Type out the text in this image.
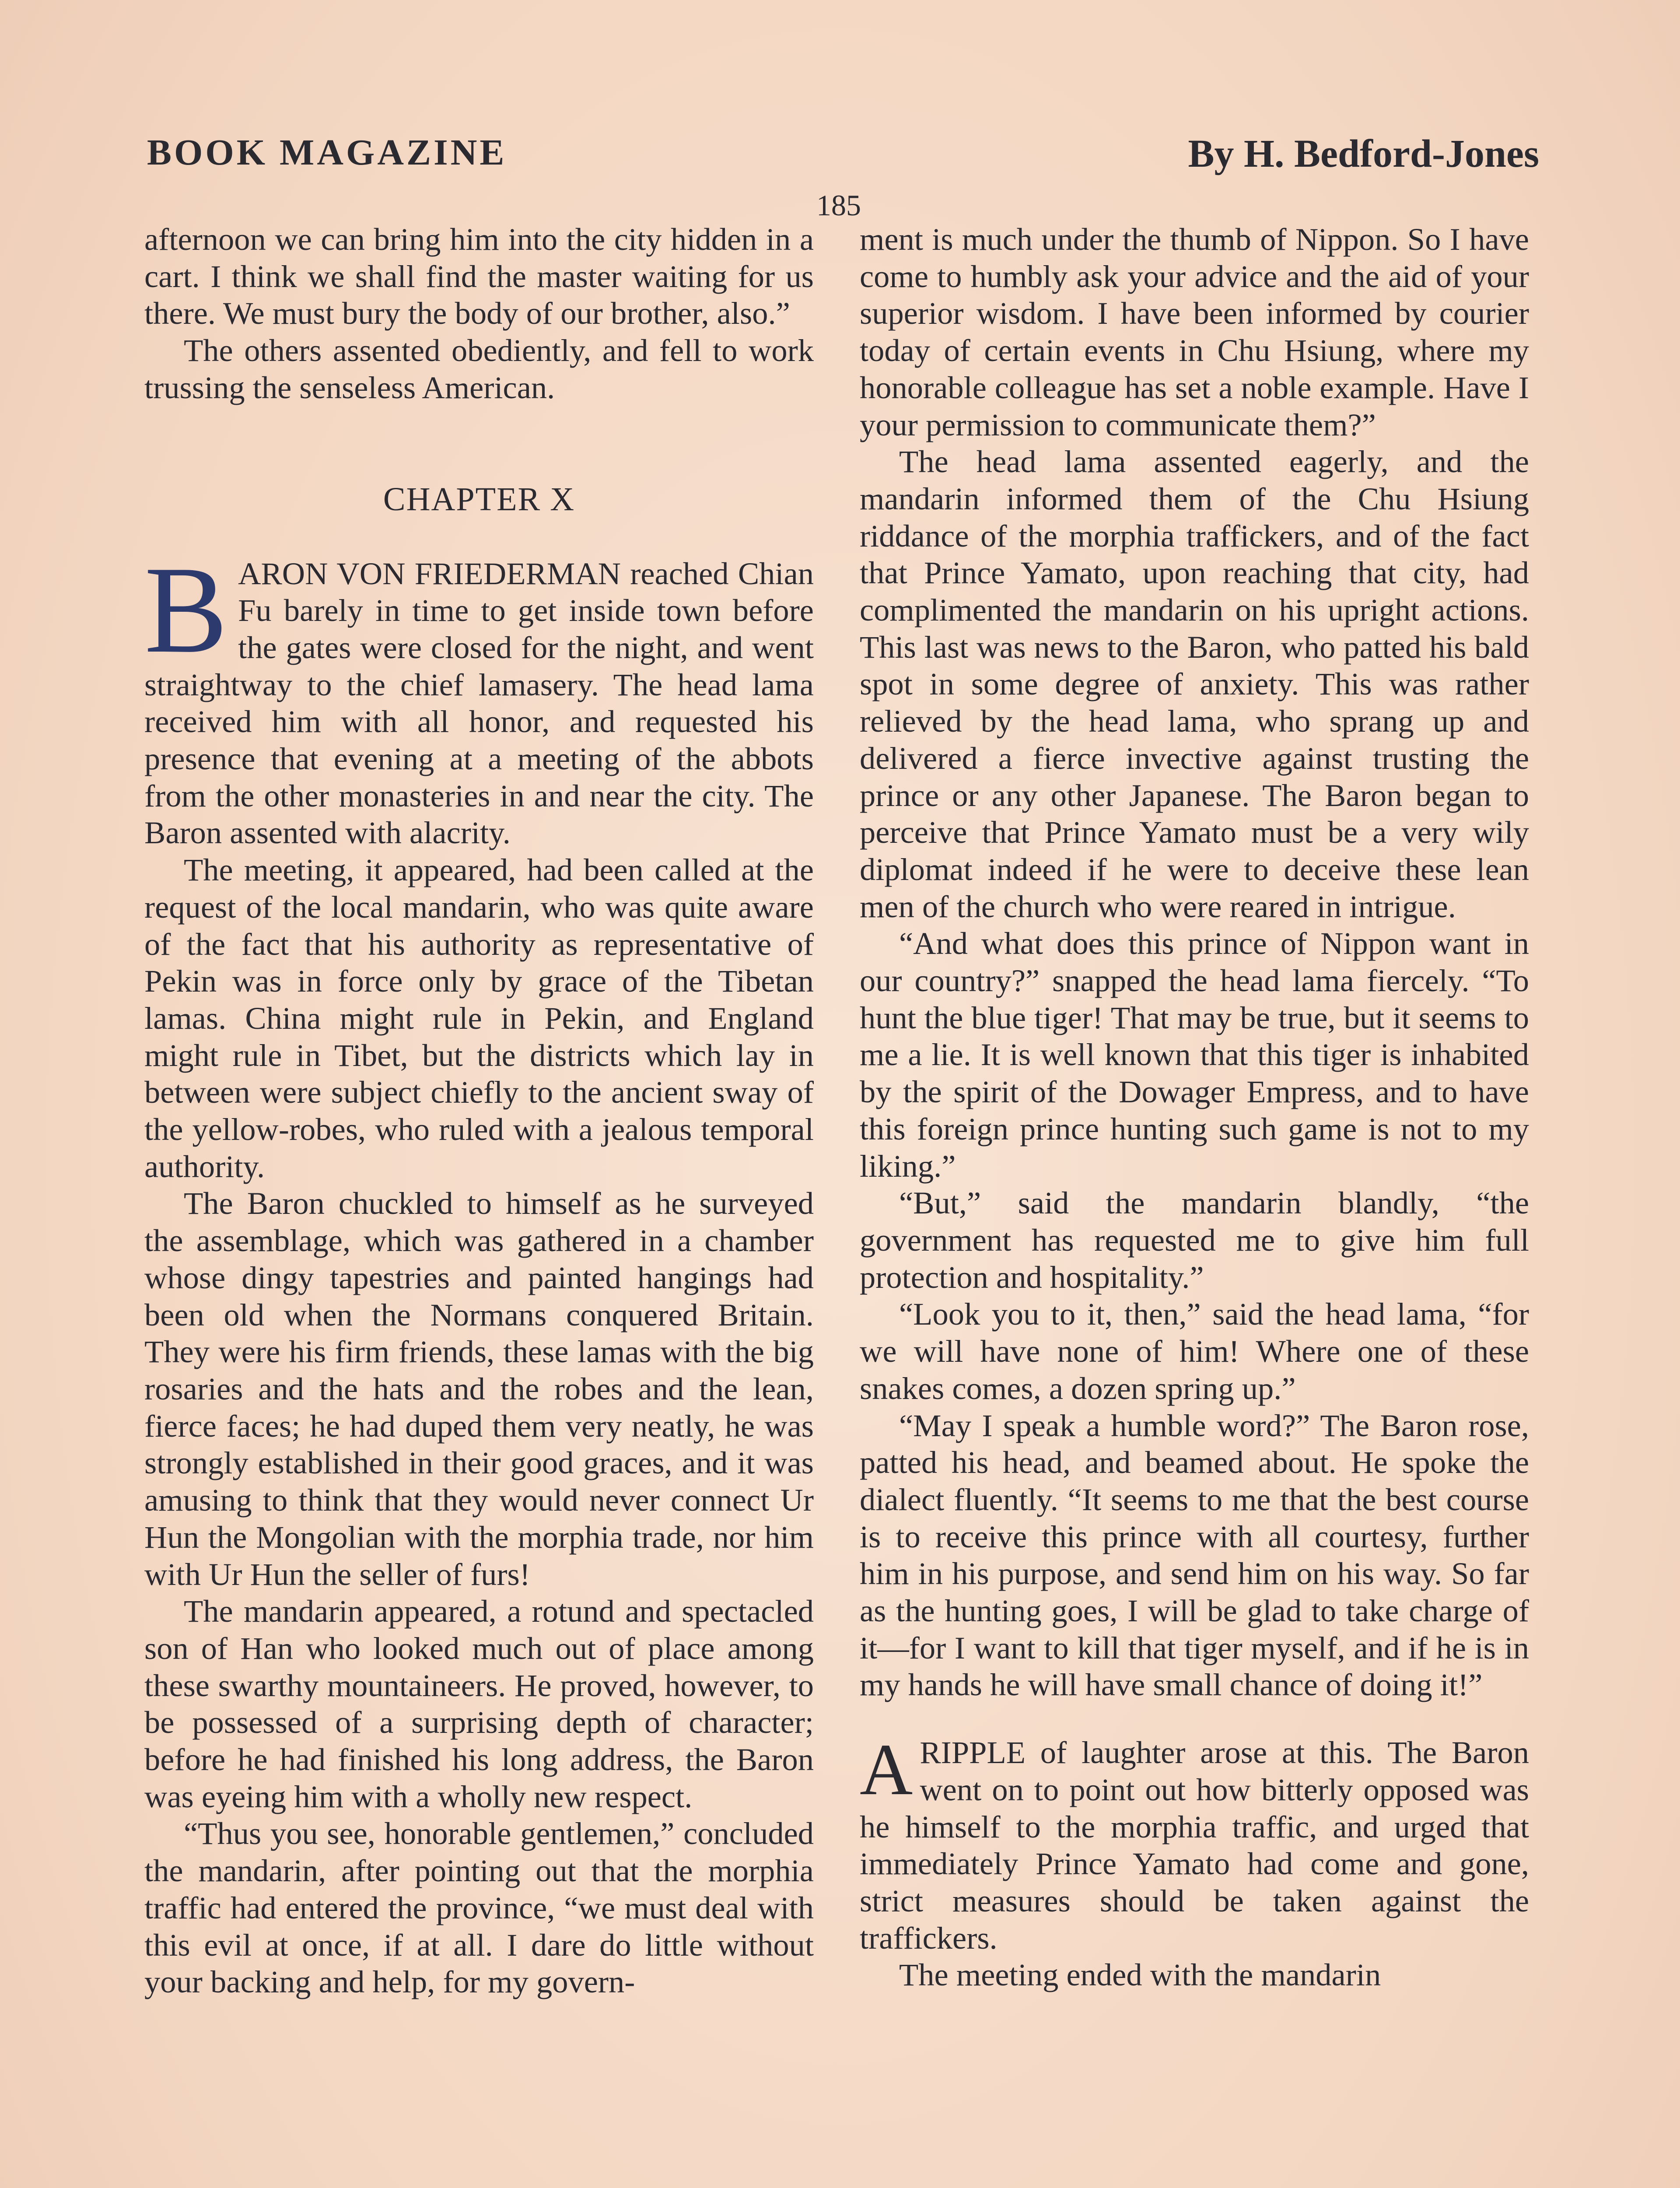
BOOK MAGAZINE	By H. Bedford-Jones
185

afternoon we can bring him into the city hidden in a cart. I think we shall find the master waiting for us there. We must bury the body of our brother, also.”

The others assented obediently, and fell to work trussing the senseless American.

CHAPTER X

BARON VON FRIEDERMAN reached Chian Fu barely in time to get inside town before the gates were closed for the night, and went straightway to the chief lamasery. The head lama received him with all honor, and requested his presence that evening at a meeting of the abbots from the other monasteries in and near the city. The Baron assented with alacrity.

The meeting, it appeared, had been called at the request of the local mandarin, who was quite aware of the fact that his authority as representative of Pekin was in force only by grace of the Tibetan lamas. China might rule in Pekin, and England might rule in Tibet, but the districts which lay in between were subject chiefly to the ancient sway of the yellow-robes, who ruled with a jealous temporal authority.

The Baron chuckled to himself as he surveyed the assemblage, which was gathered in a chamber whose dingy tapestries and painted hangings had been old when the Normans conquered Britain. They were his firm friends, these lamas with the big rosaries and the hats and the robes and the lean, fierce faces; he had duped them very neatly, he was strongly established in their good graces, and it was amusing to think that they would never connect Ur Hun the Mongolian with the morphia trade, nor him with Ur Hun the seller of furs!

The mandarin appeared, a rotund and spectacled son of Han who looked much out of place among these swarthy mountaineers. He proved, however, to be possessed of a surprising depth of character; before he had finished his long address, the Baron was eyeing him with a wholly new respect.

“Thus you see, honorable gentlemen,” concluded the mandarin, after pointing out that the morphia traffic had entered the province, “we must deal with this evil at once, if at all. I dare do little without your backing and help, for my govern-

ment is much under the thumb of Nippon. So I have come to humbly ask your advice and the aid of your superior wisdom. I have been informed by courier today of certain events in Chu Hsiung, where my honorable colleague has set a noble example. Have I your permission to communicate them?”

The head lama assented eagerly, and the mandarin informed them of the Chu Hsiung riddance of the morphia traffickers, and of the fact that Prince Yamato, upon reaching that city, had complimented the mandarin on his upright actions. This last was news to the Baron, who patted his bald spot in some degree of anxiety. This was rather relieved by the head lama, who sprang up and delivered a fierce invective against trusting the prince or any other Japanese. The Baron began to perceive that Prince Yamato must be a very wily diplomat indeed if he were to deceive these lean men of the church who were reared in intrigue.

“And what does this prince of Nippon want in our country?” snapped the head lama fiercely. “To hunt the blue tiger! That may be true, but it seems to me a lie. It is well known that this tiger is inhabited by the spirit of the Dowager Empress, and to have this foreign prince hunting such game is not to my liking.”

“But,” said the mandarin blandly, “the government has requested me to give him full protection and hospitality.”

“Look you to it, then,” said the head lama, “for we will have none of him! Where one of these snakes comes, a dozen spring up.”

“May I speak a humble word?” The Baron rose, patted his head, and beamed about. He spoke the dialect fluently. “It seems to me that the best course is to receive this prince with all courtesy, further him in his purpose, and send him on his way. So far as the hunting goes, I will be glad to take charge of it—for I want to kill that tiger myself, and if he is in my hands he will have small chance of doing it!”

ARIPPLE of laughter arose at this. The Baron went on to point out how bitterly opposed was he himself to the morphia traffic, and urged that immediately Prince Yamato had come and gone, strict measures should be taken against the traffickers.

The meeting ended with the mandarin
